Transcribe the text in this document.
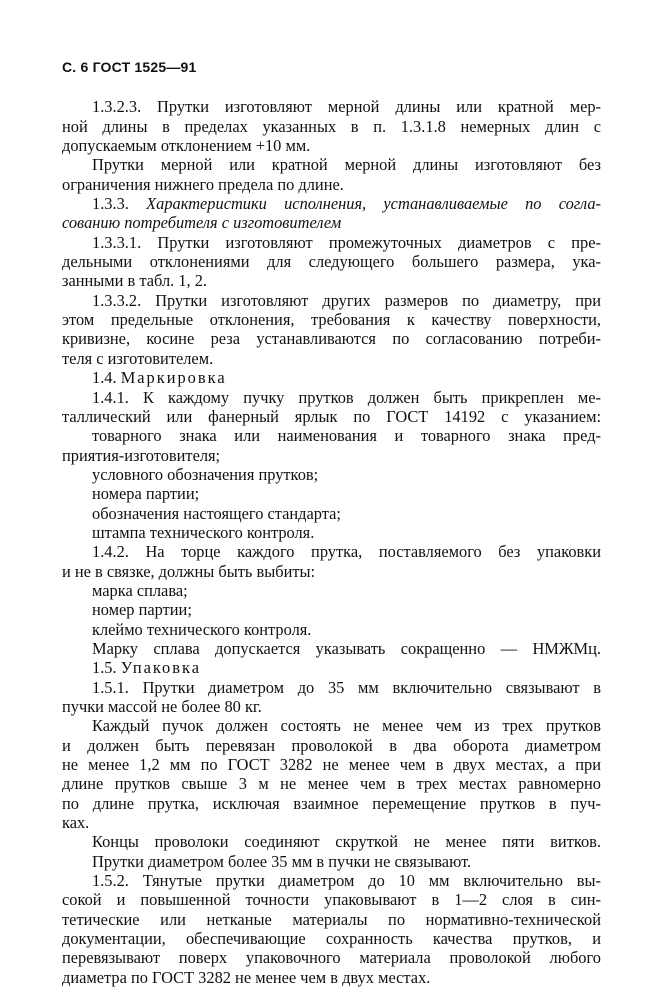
С. 6 ГОСТ 1525—91
1.3.2.3. Прутки изготовляют мерной длины или кратной мер-
ной длины в пределах указанных в п. 1.3.1.8 немерных длин с
допускаемым отклонением +10 мм.
Прутки мерной или кратной мерной длины изготовляют без
ограничения нижнего предела по длине.
1.3.3. Характеристики исполнения, устанавливаемые по согла-
сованию потребителя с изготовителем
1.3.3.1. Прутки изготовляют промежуточных диаметров с пре-
дельными отклонениями для следующего большего размера, ука-
занными в табл. 1, 2.
1.3.3.2. Прутки изготовляют других размеров по диаметру, при
этом предельные отклонения, требования к качеству поверхности,
кривизне, косине реза устанавливаются по согласованию потреби-
теля с изготовителем.
1.4. Маркировка
1.4.1. К каждому пучку прутков должен быть прикреплен ме-
таллический или фанерный ярлык по ГОСТ 14192 с указанием:
товарного знака или наименования и товарного знака пред-
приятия-изготовителя;
условного обозначения прутков;
номера партии;
обозначения настоящего стандарта;
штампа технического контроля.
1.4.2. На торце каждого прутка, поставляемого без упаковки
и не в связке, должны быть выбиты:
марка сплава;
номер партии;
клеймо технического контроля.
Марку сплава допускается указывать сокращенно — НМЖМц.
1.5. Упаковка
1.5.1. Прутки диаметром до 35 мм включительно связывают в
пучки массой не более 80 кг.
Каждый пучок должен состоять не менее чем из трех прутков
и должен быть перевязан проволокой в два оборота диаметром
не менее 1,2 мм по ГОСТ 3282 не менее чем в двух местах, а при
длине прутков свыше 3 м не менее чем в трех местах равномерно
по длине прутка, исключая взаимное перемещение прутков в пуч-
ках.
Концы проволоки соединяют скруткой не менее пяти витков.
Прутки диаметром более 35 мм в пучки не связывают.
1.5.2. Тянутые прутки диаметром до 10 мм включительно вы-
сокой и повышенной точности упаковывают в 1—2 слоя в син-
тетические или нетканые материалы по нормативно-технической
документации, обеспечивающие сохранность качества прутков, и
перевязывают поверх упаковочного материала проволокой любого
диаметра по ГОСТ 3282 не менее чем в двух местах.
